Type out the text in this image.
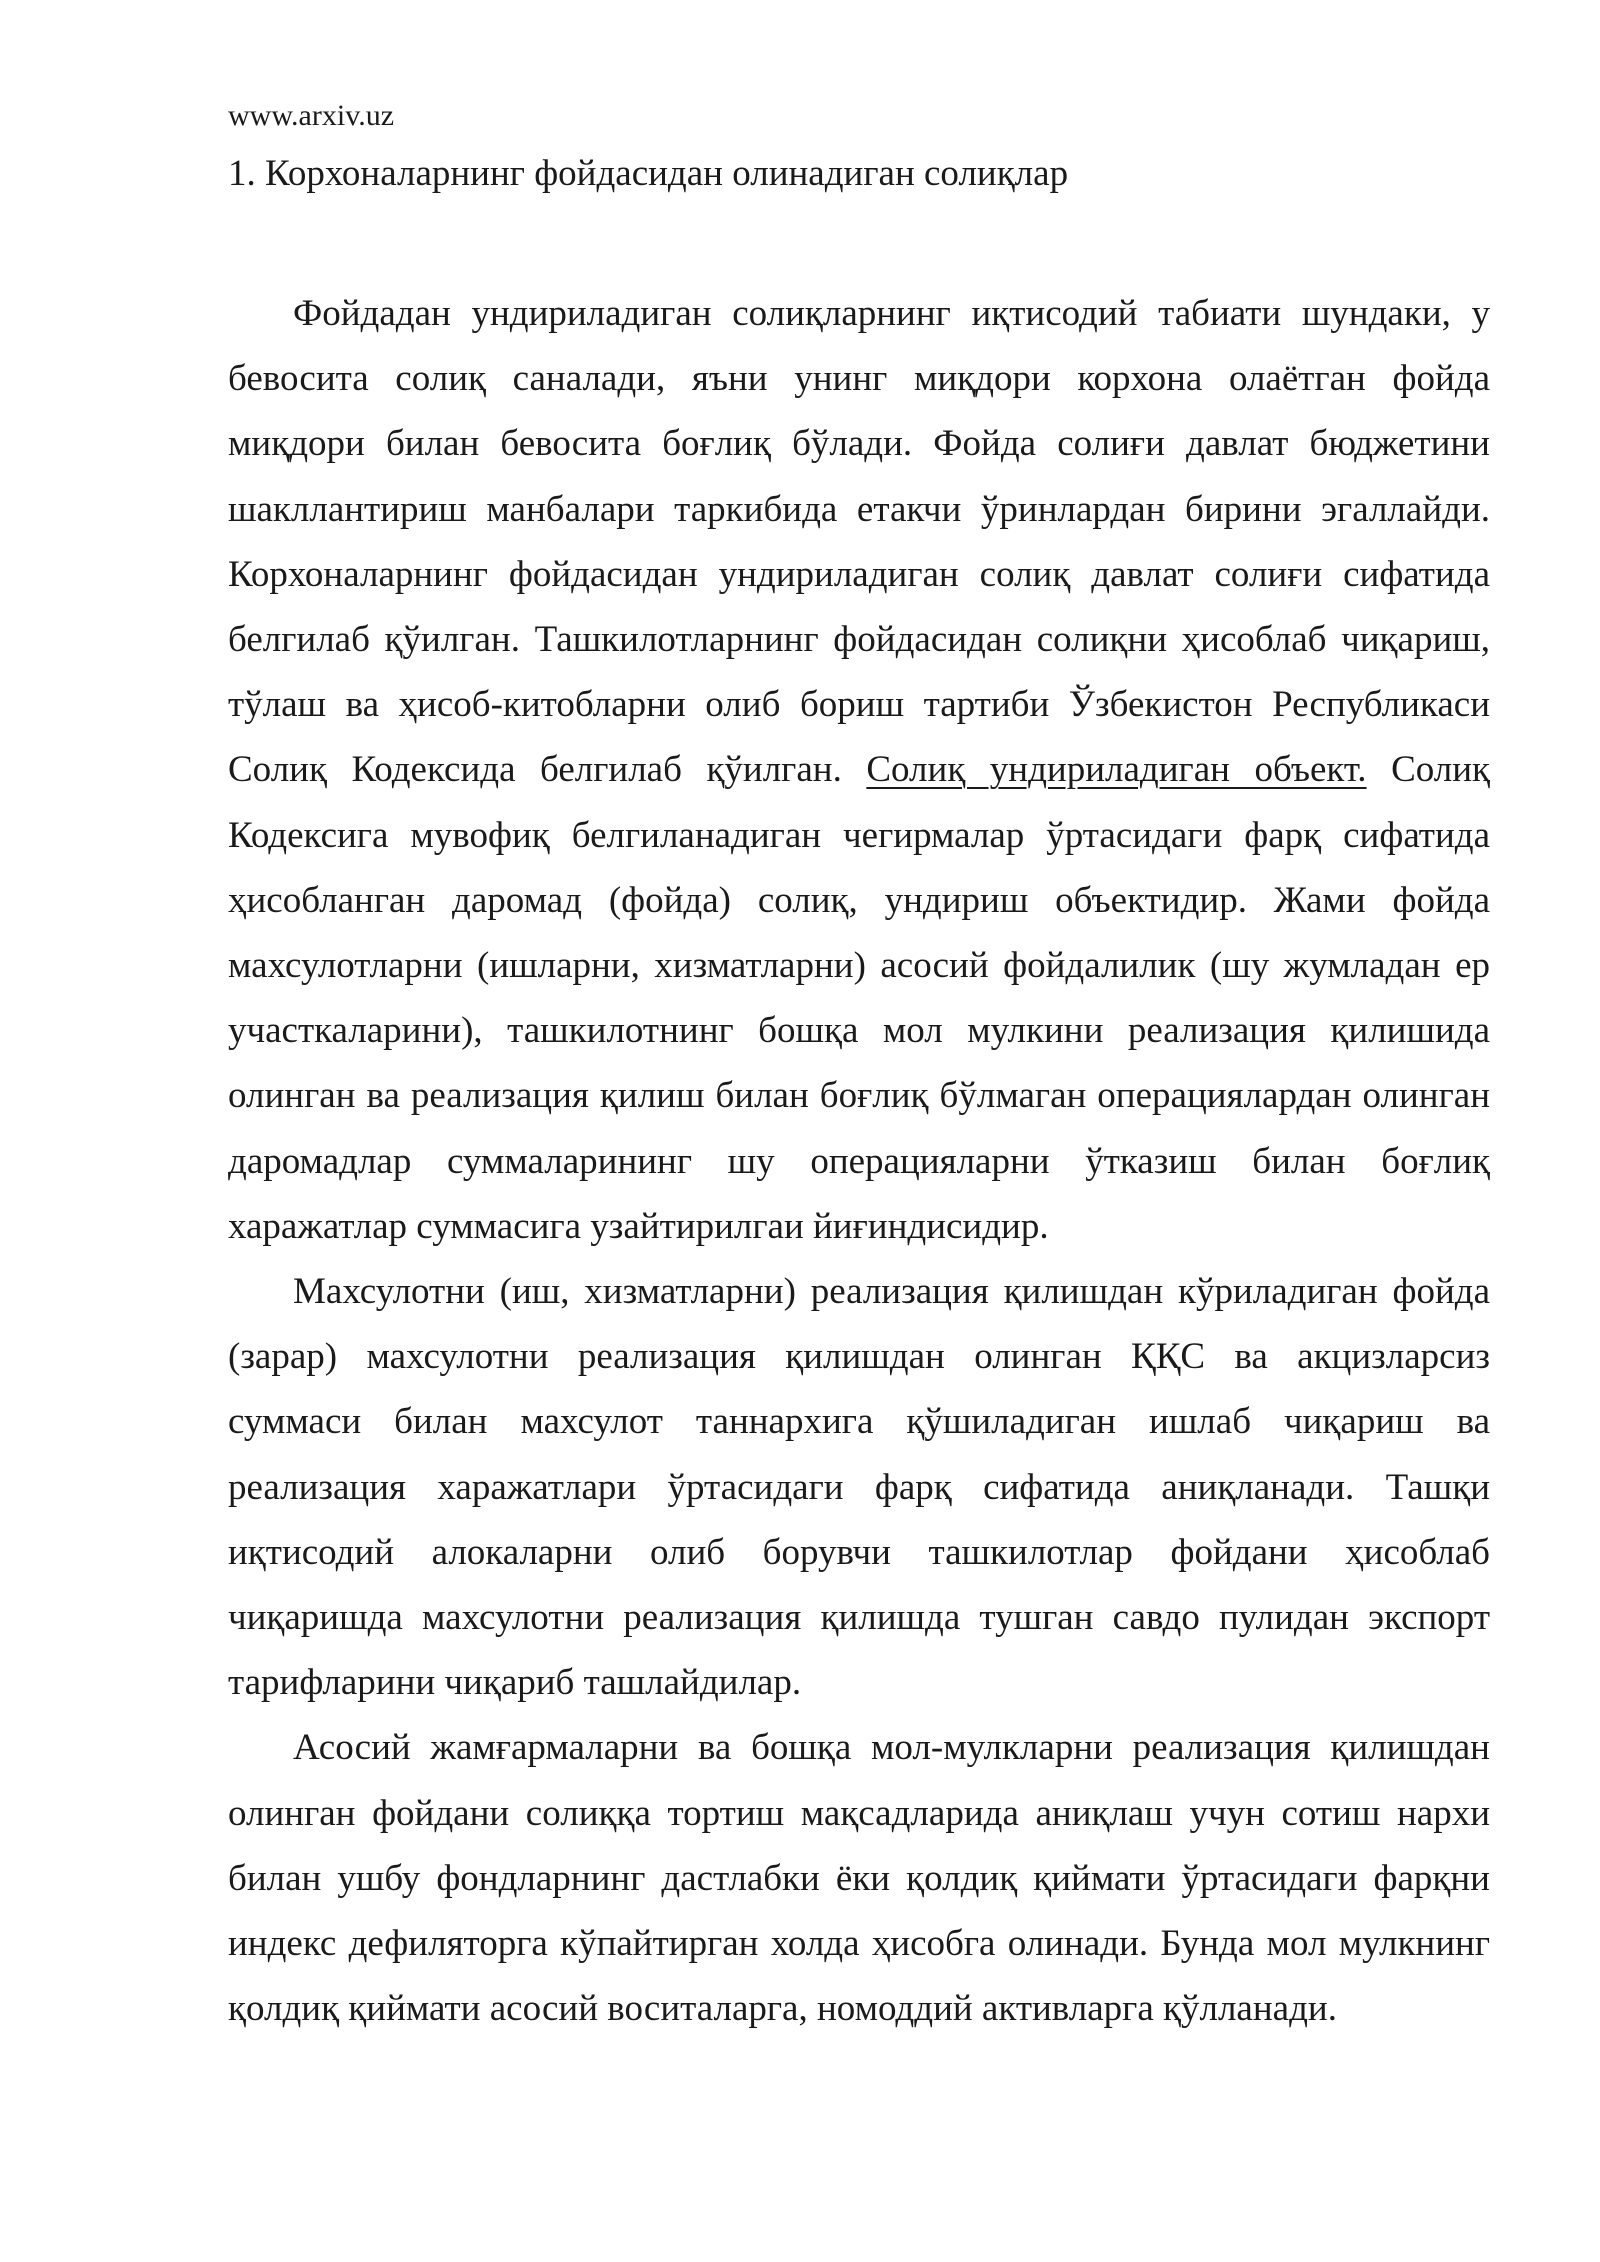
www.arxiv.uz

1. Корхоналарнинг фойдасидан олинадиган солиқлар

Фойдадан ундириладиган солиқларнинг иқтисодий табиати шундаки, у бевосита солиқ саналади, яъни унинг миқдори корхона олаётган фойда миқдори билан бевосита боғлиқ бўлади. Фойда солиғи давлат бюджетини шакллантириш манбалари таркибида етакчи ўринлардан бирини эгаллайди. Корхоналарнинг фойдасидан ундириладиган солиқ давлат солиғи сифатида белгилаб қўилган. Ташкилотларнинг фойдасидан солиқни ҳисоблаб чиқариш, тўлаш ва ҳисоб-китобларни олиб бориш тартиби Ўзбекистон Республикаси Солиқ Кодексида белгилаб қўилган. Солиқ ундириладиган объект. Солиқ Кодексига мувофиқ белгиланадиган чегирмалар ўртасидаги фарқ сифатида ҳисобланган даромад (фойда) солиқ, ундириш объектидир. Жами фойда махсулотларни (ишларни, хизматларни) асосий фойдалилик (шу жумладан ер участкаларини), ташкилотнинг бошқа мол мулкини реализация қилишида олинган ва реализация қилиш билан боғлиқ бўлмаган операциялардан олинган даромадлар суммаларининг шу операцияларни ўтказиш билан боғлиқ харажатлар суммасига узайтирилгаи йиғиндисидир.

Махсулотни (иш, хизматларни) реализация қилишдан кўриладиган фойда (зарар) махсулотни реализация қилишдан олинган ҚҚС ва акцизларсиз суммаси билан махсулот таннархига қўшиладиган ишлаб чиқариш ва реализация харажатлари ўртасидаги фарқ сифатида аниқланади. Ташқи иқтисодий алокаларни олиб борувчи ташкилотлар фойдани ҳисоблаб чиқаришда махсулотни реализация қилишда тушган савдо пулидан экспорт тарифларини чиқариб ташлайдилар.

Асосий жамғармаларни ва бошқа мол-мулкларни реализация қилишдан олинган фойдани солиққа тортиш мақсадларида аниқлаш учун сотиш нархи билан ушбу фондларнинг дастлабки ёки қолдиқ қиймати ўртасидаги фарқни индекс дефиляторга кўпайтирган холда ҳисобга олинади. Бунда мол мулкнинг қолдиқ қиймати асосий воситаларга, номоддий активларга қўлланади.
